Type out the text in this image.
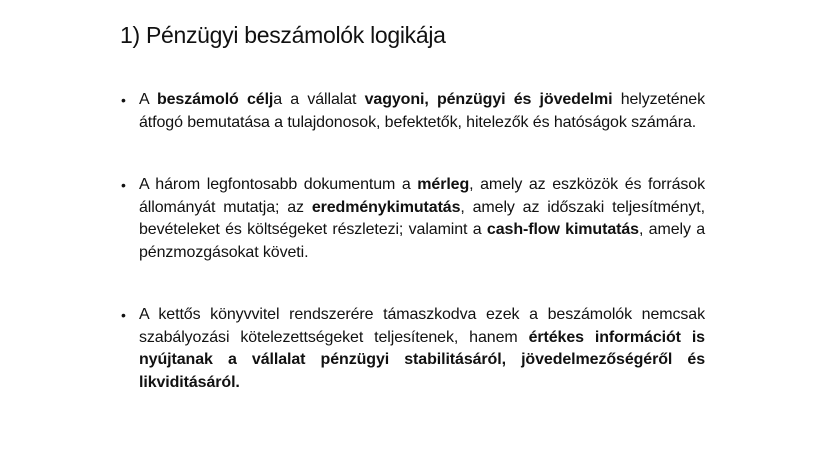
1) Pénzügyi beszámolók logikája
• A beszámoló célja a vállalat vagyoni, pénzügyi és jövedelmi helyzetének átfogó bemutatása a tulajdonosok, befektetők, hitelezők és hatóságok számára.
• A három legfontosabb dokumentum a mérleg, amely az eszközök és források állományát mutatja; az eredménykimutatás, amely az időszaki teljesítményt, bevételeket és költségeket részletezi; valamint a cash-flow kimutatás, amely a pénzmozgásokat követi.
• A kettős könyvvitel rendszerére támaszkodva ezek a beszámolók nemcsak szabályozási kötelezettségeket teljesítenek, hanem értékes információt is nyújtanak a vállalat pénzügyi stabilitásáról, jövedelmezőségéről és likviditásáról.
